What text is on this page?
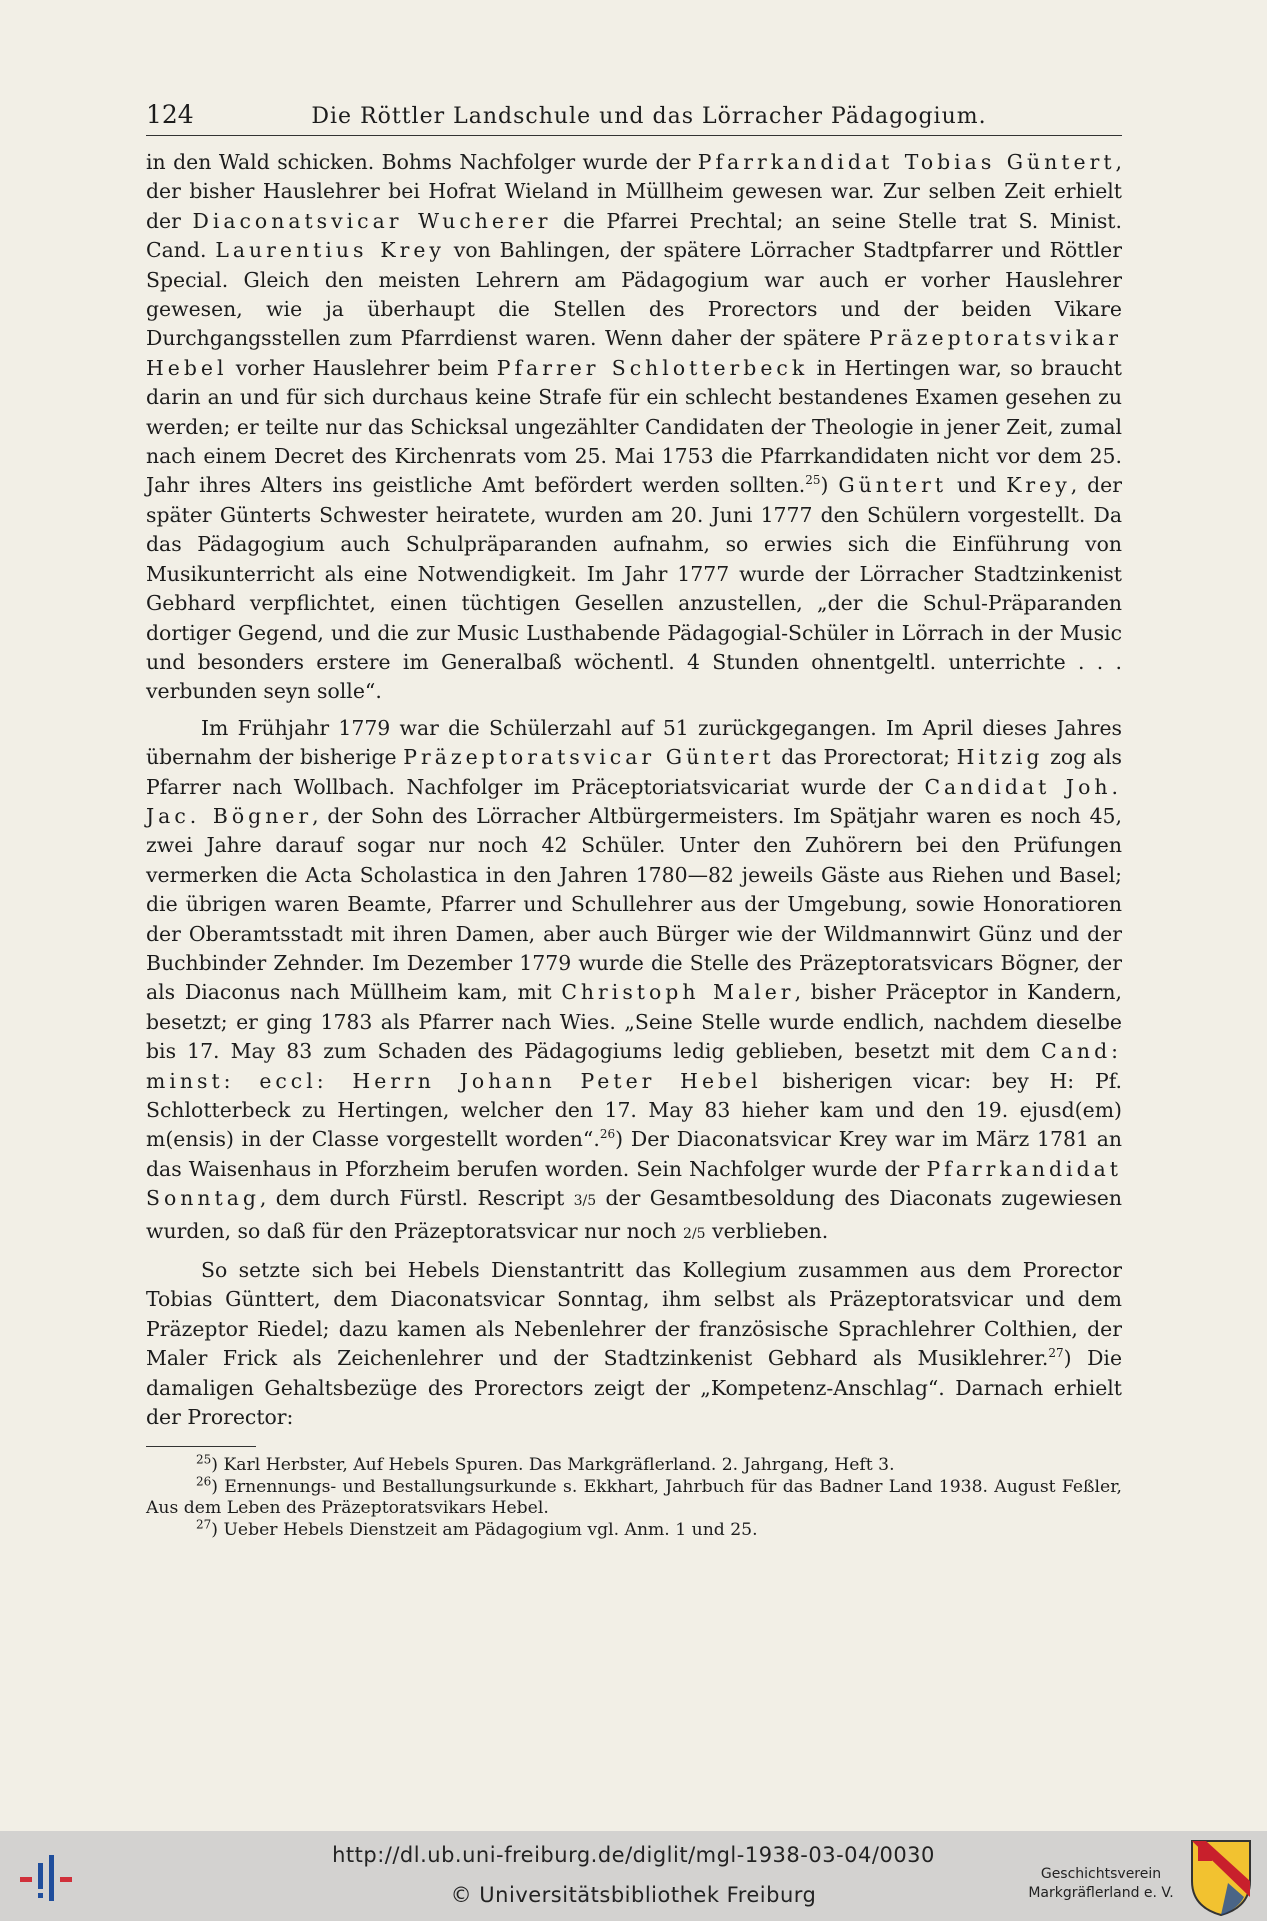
124	Die Röttler Landschule und das Lörracher Pädagogium.

in den Wald schicken. Bohms Nachfolger wurde der Pfarrkandidat Tobias Güntert, der bisher Hauslehrer bei Hofrat Wieland in Müllheim gewesen war. Zur selben Zeit erhielt der Diaconatsvicar Wucherer die Pfarrei Prechtal; an seine Stelle trat S. Minist. Cand. Laurentius Krey von Bahlingen, der spätere Lörracher Stadtpfarrer und Röttler Special. Gleich den meisten Lehrern am Pädagogium war auch er vorher Hauslehrer gewesen, wie ja überhaupt die Stellen des Prorectors und der beiden Vikare Durchgangsstellen zum Pfarrdienst waren. Wenn daher der spätere Präzeptoratsvikar Hebel vorher Hauslehrer beim Pfarrer Schlotterbeck in Hertingen war, so braucht darin an und für sich durchaus keine Strafe für ein schlecht bestandenes Examen gesehen zu werden; er teilte nur das Schicksal ungezählter Candidaten der Theologie in jener Zeit, zumal nach einem Decret des Kirchenrats vom 25. Mai 1753 die Pfarrkandidaten nicht vor dem 25. Jahr ihres Alters ins geistliche Amt befördert werden sollten.$^{25}$) Güntert und Krey, der später Günterts Schwester heiratete, wurden am 20. Juni 1777 den Schülern vorgestellt. Da das Pädagogium auch Schulpräparanden aufnahm, so erwies sich die Einführung von Musikunterricht als eine Notwendigkeit. Im Jahr 1777 wurde der Lörracher Stadtzinkenist Gebhard verpflichtet, einen tüchtigen Gesellen anzustellen, „der die Schul-Präparanden dortiger Gegend, und die zur Music Lusthabende Pädagogial-Schüler in Lörrach in der Music und besonders erstere im Generalbaß wöchentl. 4 Stunden ohnentgeltl. unterrichte . . . verbunden seyn solle“.

Im Frühjahr 1779 war die Schülerzahl auf 51 zurückgegangen. Im April dieses Jahres übernahm der bisherige Präzeptoratsvicar Güntert das Prorectorat; Hitzig zog als Pfarrer nach Wollbach. Nachfolger im Präceptoriatsvicariat wurde der Candidat Joh. Jac. Bögner, der Sohn des Lörracher Altbürgermeisters. Im Spätjahr waren es noch 45, zwei Jahre darauf sogar nur noch 42 Schüler. Unter den Zuhörern bei den Prüfungen vermerken die Acta Scholastica in den Jahren 1780—82 jeweils Gäste aus Riehen und Basel; die übrigen waren Beamte, Pfarrer und Schullehrer aus der Umgebung, sowie Honoratioren der Oberamtsstadt mit ihren Damen, aber auch Bürger wie der Wildmannwirt Günz und der Buchbinder Zehnder. Im Dezember 1779 wurde die Stelle des Präzeptoratsvicars Bögner, der als Diaconus nach Müllheim kam, mit Christoph Maler, bisher Präceptor in Kandern, besetzt; er ging 1783 als Pfarrer nach Wies. „Seine Stelle wurde endlich, nachdem dieselbe bis 17. May 83 zum Schaden des Pädagogiums ledig geblieben, besetzt mit dem Cand: minst: eccl: Herrn Johann Peter Hebel bisherigen vicar: bey H: Pf. Schlotterbeck zu Hertingen, welcher den 17. May 83 hieher kam und den 19. ejusd(em) m(ensis) in der Classe vorgestellt worden“.$^{26}$) Der Diaconatsvicar Krey war im März 1781 an das Waisenhaus in Pforzheim berufen worden. Sein Nachfolger wurde der Pfarrkandidat Sonntag, dem durch Fürstl. Rescript 3/5 der Gesamtbesoldung des Diaconats zugewiesen wurden, so daß für den Präzeptoratsvicar nur noch 2/5 verblieben.

So setzte sich bei Hebels Dienstantritt das Kollegium zusammen aus dem Prorector Tobias Günttert, dem Diaconatsvicar Sonntag, ihm selbst als Präzeptoratsvicar und dem Präzeptor Riedel; dazu kamen als Nebenlehrer der französische Sprachlehrer Colthien, der Maler Frick als Zeichenlehrer und der Stadtzinkenist Gebhard als Musiklehrer.$^{27}$) Die damaligen Gehaltsbezüge des Prorectors zeigt der „Kompetenz-Anschlag“. Darnach erhielt der Prorector:

$^{25}$) Karl Herbster, Auf Hebels Spuren. Das Markgräflerland. 2. Jahrgang, Heft 3.

$^{26}$) Ernennungs- und Bestallungsurkunde s. Ekkhart, Jahrbuch für das Badner Land 1938. August Feßler, Aus dem Leben des Präzeptoratsvikars Hebel.

$^{27}$) Ueber Hebels Dienstzeit am Pädagogium vgl. Anm. 1 und 25.

http://dl.ub.uni-freiburg.de/diglit/mgl-1938-03-04/0030
© Universitätsbibliothek Freiburg
Geschichtsverein
Markgräflerland e. V.
